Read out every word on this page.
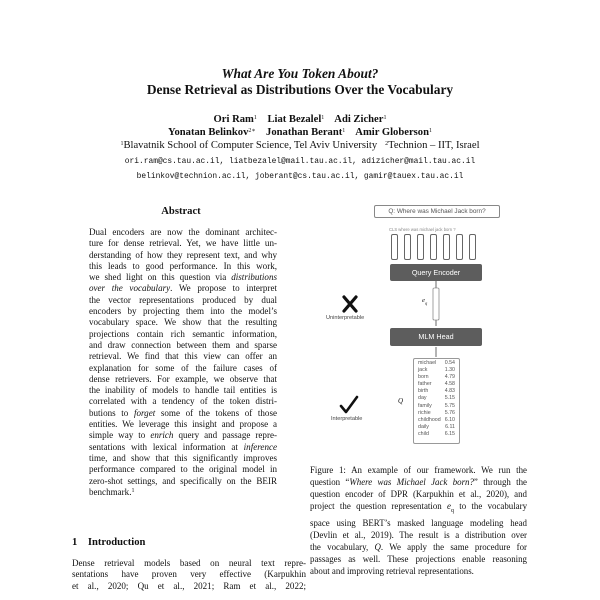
What Are You Token About?
Dense Retrieval as Distributions Over the Vocabulary
Ori Ram$^1$ Liat Bezalel$^1$ Adi Zicher$^1$
Yonatan Belinkov$^{2∗}$ Jonathan Berant$^1$ Amir Globerson$^1$
$^1$Blavatnik School of Computer Science, Tel Aviv University $^2$Technion – IIT, Israel
ori.ram@cs.tau.ac.il, liatbezalel@mail.tau.ac.il, adizicher@mail.tau.ac.il
belinkov@technion.ac.il, joberant@cs.tau.ac.il, gamir@tauex.tau.ac.il
Abstract
Dual encoders are now the dominant architec-
ture for dense retrieval. Yet, we have little un-
derstanding of how they represent text, and why
this leads to good performance. In this work,
we shed light on this question via distributions
over the vocabulary. We propose to interpret
the vector representations produced by dual
encoders by projecting them into the model’s
vocabulary space. We show that the resulting
projections contain rich semantic information,
and draw connection between them and sparse
retrieval. We find that this view can offer an
explanation for some of the failure cases of
dense retrievers. For example, we observe that
the inability of models to handle tail entities is
correlated with a tendency of the token distri-
butions to forget some of the tokens of those
entities. We leverage this insight and propose a
simple way to enrich query and passage repre-
sentations with lexical information at inference
time, and show that this significantly improves
performance compared to the original model in
zero-shot settings, and specifically on the BEIR
benchmark.$^1$
1 Introduction
Dense retrieval models based on neural text repre-
sentations have proven very effective (Karpukhin
et al., 2020; Qu et al., 2021; Ram et al., 2022;
Q: Where was Michael Jack born?
CLS where was michael jack born ?
Query Encoder
$e_q$
Uninterpretable
MLM Head
michael 0.54
jack	1.30
born	4.79
father 4.58
birth	4.83
day	5.15
family 5.75
richie	5.76
childhood 6.10
daily	6.11
child	6.15
Q
Interpretable
Figure 1: An example of our framework. We run the
question “Where was Michael Jack born?” through the
question encoder of DPR (Karpukhin et al., 2020), and
project the question representation $e_q$ to the vocabulary
space using BERT’s masked language modeling head
(Devlin et al., 2019). The result is a distribution over
the vocabulary, Q. We apply the same procedure for
passages as well. These projections enable reasoning
about and improving retrieval representations.
